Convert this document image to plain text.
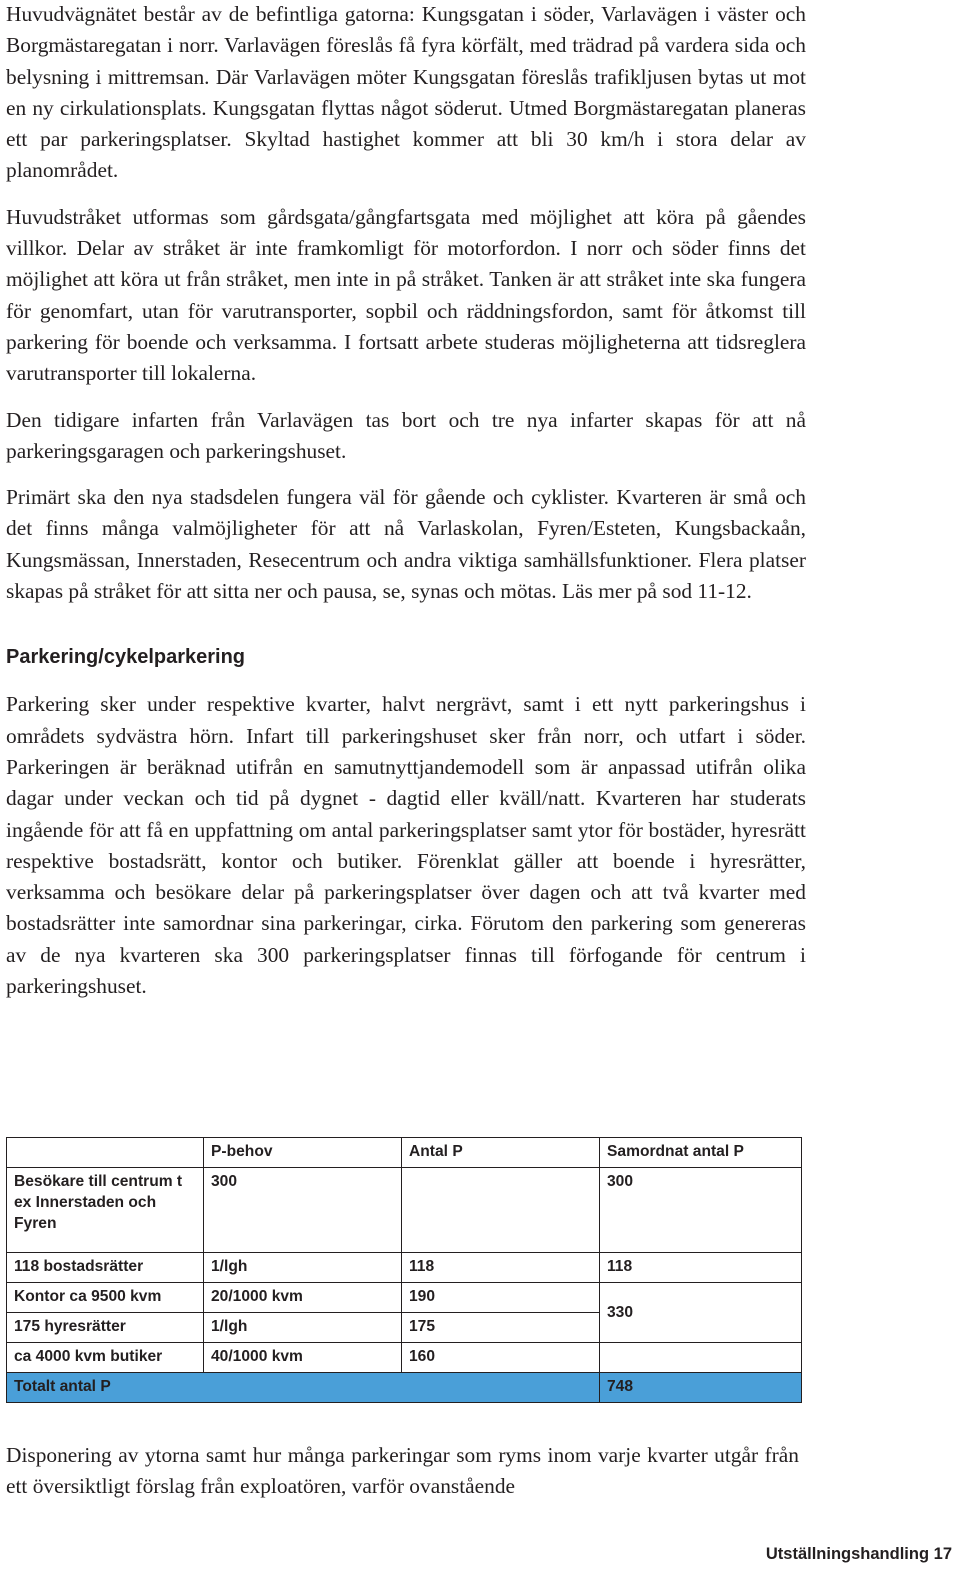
Huvudvägnätet består av de befintliga gatorna: Kungsgatan i söder, Varlavägen i väster och Borgmästaregatan i norr. Varlavägen föreslås få fyra körfält, med trädrad på vardera sida och belysning i mittremsan. Där Varlavägen möter Kungsgatan föreslås trafikljusen bytas ut mot en ny cirkulationsplats. Kungsgatan flyttas något söderut. Utmed Borgmästaregatan planeras ett par parkeringsplatser. Skyltad hastighet kommer att bli 30 km/h i stora delar av planområdet.

Huvudstråket utformas som gårdsgata/gångfartsgata med möjlighet att köra på gåendes villkor. Delar av stråket är inte framkomligt för motorfordon. I norr och söder finns det möjlighet att köra ut från stråket, men inte in på stråket. Tanken är att stråket inte ska fungera för genomfart, utan för varutransporter, sopbil och räddningsfordon, samt för åtkomst till parkering för boende och verksamma. I fortsatt arbete studeras möjligheterna att tidsreglera varutransporter till lokalerna.

Den tidigare infarten från Varlavägen tas bort och tre nya infarter skapas för att nå parkeringsgaragen och parkeringshuset.

Primärt ska den nya stadsdelen fungera väl för gående och cyklister. Kvarteren är små och det finns många valmöjligheter för att nå Varlaskolan, Fyren/Esteten, Kungsbackaån, Kungsmässan, Innerstaden, Resecentrum och andra viktiga samhällsfunktioner. Flera platser skapas på stråket för att sitta ner och pausa, se, synas och mötas. Läs mer på sod 11-12.

Parkering/cykelparkering

Parkering sker under respektive kvarter, halvt nergrävt, samt i ett nytt parkeringshus i områdets sydvästra hörn. Infart till parkeringshuset sker från norr, och utfart i söder. Parkeringen är beräknad utifrån en samutnyttjandemodell som är anpassad utifrån olika dagar under veckan och tid på dygnet - dagtid eller kväll/natt. Kvarteren har studerats ingående för att få en uppfattning om antal parkeringsplatser samt ytor för bostäder, hyresrätt respektive bostadsrätt, kontor och butiker. Förenklat gäller att boende i hyresrätter, verksamma och besökare delar på parkeringsplatser över dagen och att två kvarter med bostadsrätter inte samordnar sina parkeringar, cirka. Förutom den parkering som genereras av de nya kvarteren ska 300 parkeringsplatser finnas till förfogande för centrum i parkeringshuset.

	P-behov	Antal P	Samordnat antal P
Besökare till centrum t ex Innerstaden och Fyren	300		300
118 bostadsrätter	1/lgh	118	118
Kontor ca 9500 kvm	20/1000 kvm	190	330
175 hyresrätter	1/lgh	175	
ca 4000 kvm butiker	40/1000 kvm	160	
Totalt antal P			748

Disponering av ytorna samt hur många parkeringar som ryms inom varje kvarter utgår från ett översiktligt förslag från exploatören, varför ovanstående

Utställningshandling 17
